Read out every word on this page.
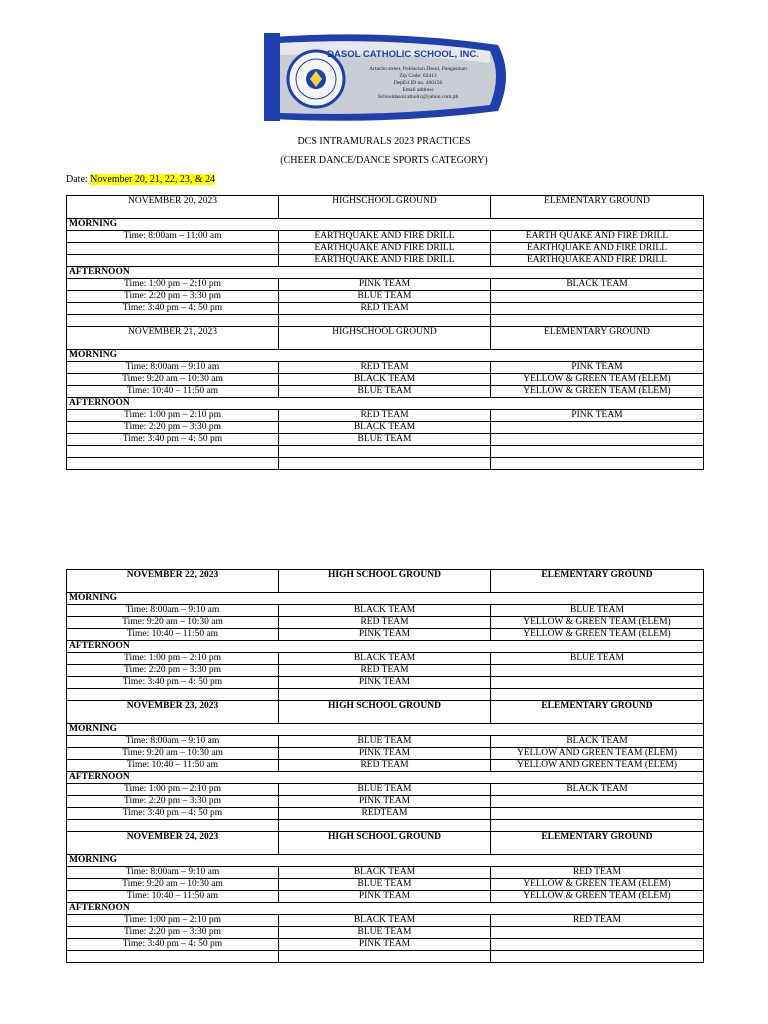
DASOL CATHOLIC SCHOOL, INC.
Artacho street, Poblacion Dasol, Pangasinan
Zip Code: 62413
DepEd ID no. 400156
Email address
Schooldasolcatholic@yahoo.com.ph
DCS INTRAMURALS 2023 PRACTICES
(CHEER DANCE/DANCE SPORTS CATEGORY)
Date: November 20, 21, 22, 23, & 24
NOVEMBER 20, 2023	HIGHSCHOOL GROUND	ELEMENTARY GROUND
MORNING		
Time: 8:00am – 11:00 am	EARTHQUAKE AND FIRE DRILL	EARTH QUAKE AND FIRE DRILL
	EARTHQUAKE AND FIRE DRILL	EARTHQUAKE AND FIRE DRILL
	EARTHQUAKE AND FIRE DRILL	EARTHQUAKE AND FIRE DRILL
AFTERNOON		
Time: 1:00 pm – 2:10 pm	PINK TEAM	BLACK TEAM
Time: 2:20 pm – 3:30 pm	BLUE TEAM	
Time: 3:40 pm – 4: 50 pm	RED TEAM	

NOVEMBER 21, 2023	HIGHSCHOOL GROUND	ELEMENTARY GROUND
MORNING		
Time: 8:00am – 9:10 am	RED TEAM	PINK TEAM
Time: 9:20 am – 10:30 am	BLACK TEAM	YELLOW & GREEN TEAM (ELEM)
Time: 10:40 – 11:50 am	BLUE TEAM	YELLOW & GREEN TEAM (ELEM)
AFTERNOON		
Time: 1:00 pm – 2:10 pm	RED TEAM	PINK TEAM
Time: 2:20 pm – 3:30 pm	BLACK TEAM	
Time: 3:40 pm – 4: 50 pm	BLUE TEAM	

NOVEMBER 22, 2023	HIGH SCHOOL GROUND	ELEMENTARY GROUND
MORNING		
Time: 8:00am – 9:10 am	BLACK TEAM	BLUE TEAM
Time: 9:20 am – 10:30 am	RED TEAM	YELLOW & GREEN TEAM (ELEM)
Time: 10:40 – 11:50 am	PINK TEAM	YELLOW & GREEN TEAM (ELEM)
AFTERNOON		
Time: 1:00 pm – 2:10 pm	BLACK TEAM	BLUE TEAM
Time: 2:20 pm – 3:30 pm	RED TEAM	
Time: 3:40 pm – 4: 50 pm	PINK TEAM	

NOVEMBER 23, 2023	HIGH SCHOOL GROUND	ELEMENTARY GROUND
MORNING		
Time: 8:00am – 9:10 am	BLUE TEAM	BLACK TEAM
Time: 9:20 am – 10:30 am	PINK TEAM	YELLOW AND GREEN TEAM (ELEM)
Time: 10:40 – 11:50 am	RED TEAM	YELLOW AND GREEN TEAM (ELEM)
AFTERNOON		
Time: 1:00 pm – 2:10 pm	BLUE TEAM	BLACK TEAM
Time: 2:20 pm – 3:30 pm	PINK TEAM	
Time: 3:40 pm – 4: 50 pm	REDTEAM	

NOVEMBER 24, 2023	HIGH SCHOOL GROUND	ELEMENTARY GROUND
MORNING		
Time: 8:00am – 9:10 am	BLACK TEAM	RED TEAM
Time: 9:20 am – 10:30 am	BLUE TEAM	YELLOW & GREEN TEAM (ELEM)
Time: 10:40 – 11:50 am	PINK TEAM	YELLOW & GREEN TEAM (ELEM)
AFTERNOON		
Time: 1:00 pm – 2:10 pm	BLACK TEAM	RED TEAM
Time: 2:20 pm – 3:30 pm	BLUE TEAM	
Time: 3:40 pm – 4: 50 pm	PINK TEAM	
